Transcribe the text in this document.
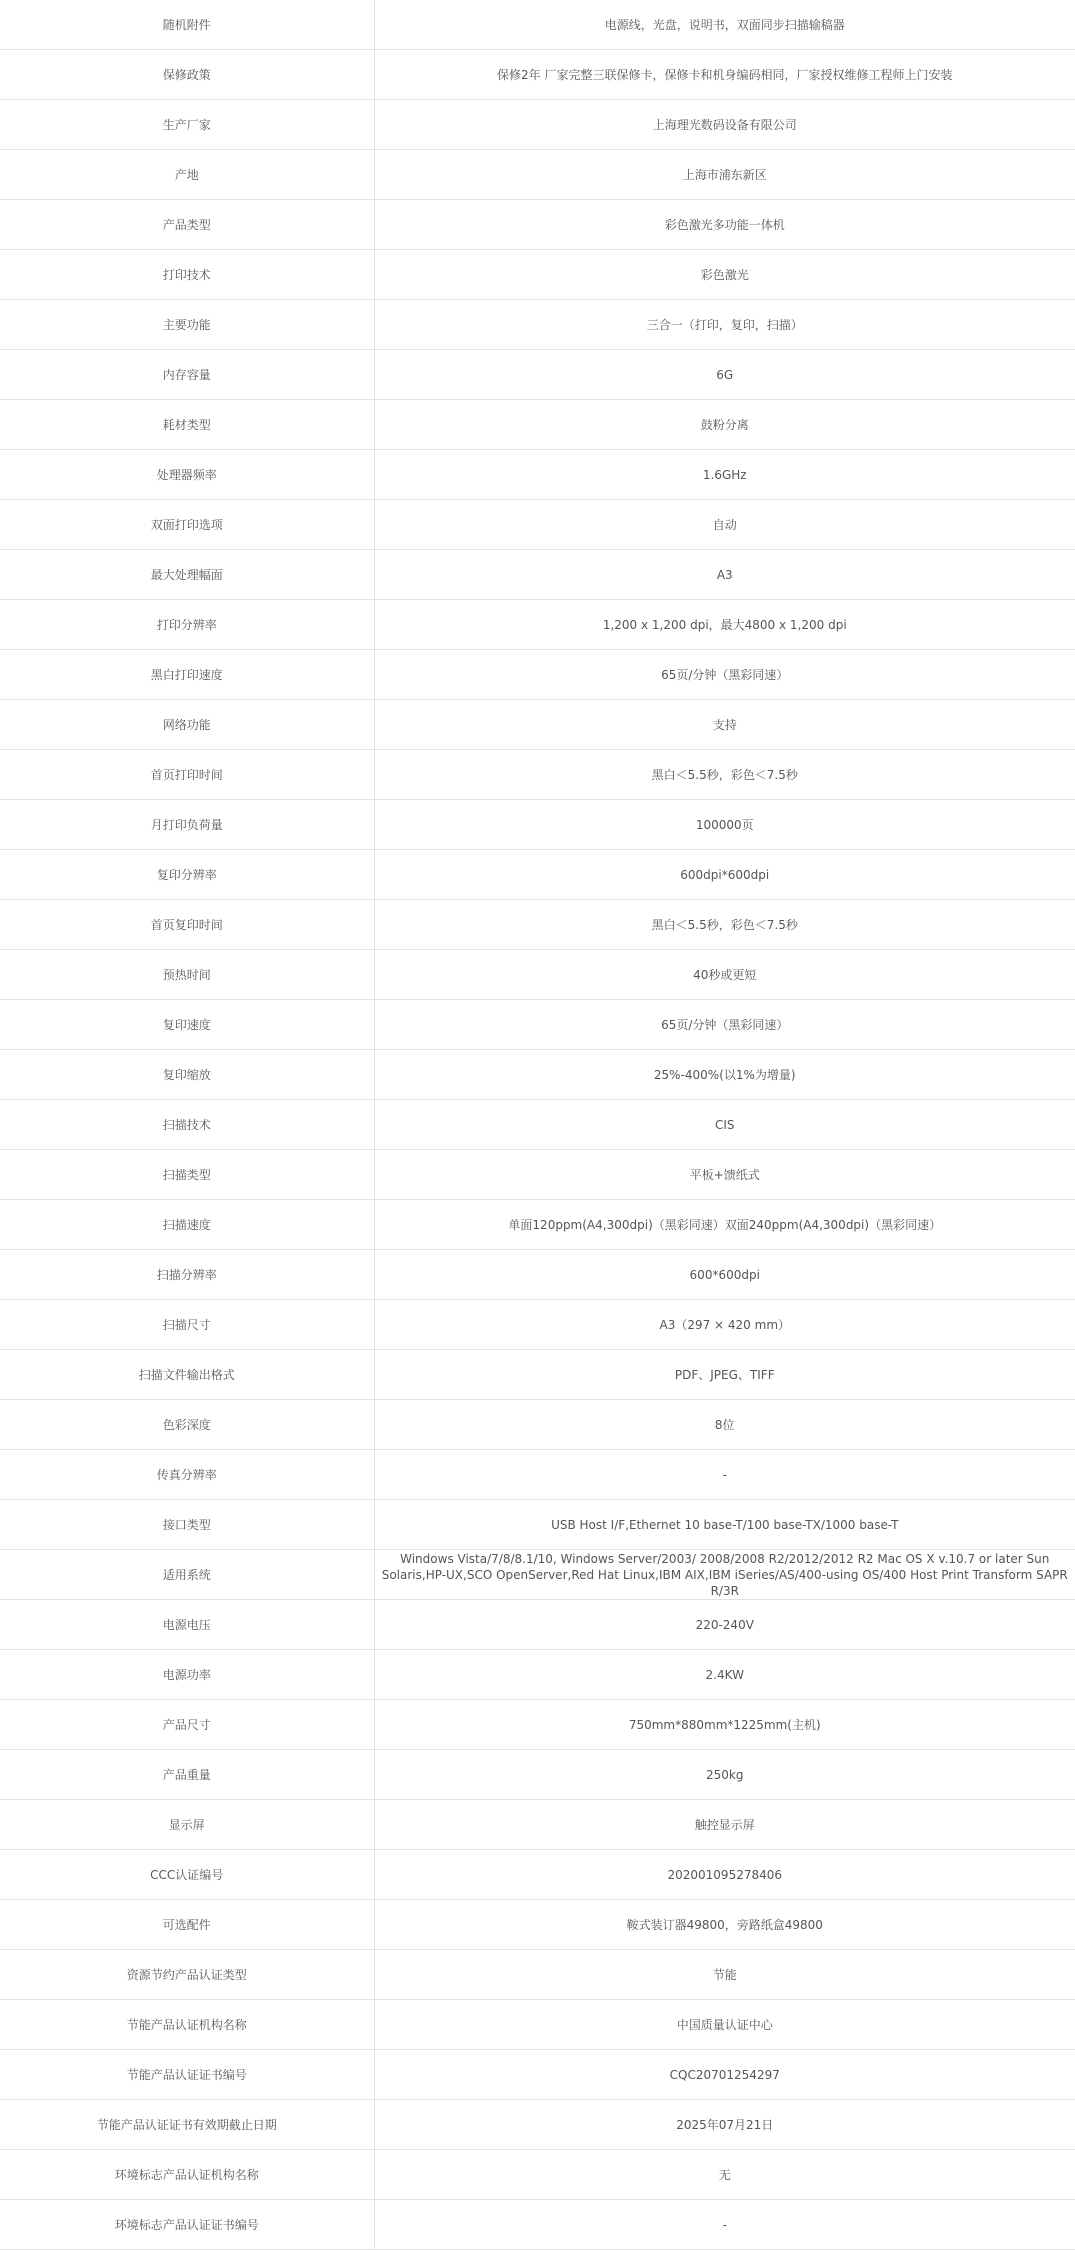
随机附件	电源线，光盘，说明书，双面同步扫描输稿器
保修政策	保修2年 厂家完整三联保修卡，保修卡和机身编码相同，厂家授权维修工程师上门安装
生产厂家	上海理光数码设备有限公司
产地	上海市浦东新区
产品类型	彩色激光多功能一体机
打印技术	彩色激光
主要功能	三合一（打印，复印，扫描）
内存容量	6G
耗材类型	鼓粉分离
处理器频率	1.6GHz
双面打印选项	自动
最大处理幅面	A3
打印分辨率	1,200 x 1,200 dpi，最大4800 x 1,200 dpi
黑白打印速度	65页/分钟（黑彩同速）
网络功能	支持
首页打印时间	黑白＜5.5秒，彩色＜7.5秒
月打印负荷量	100000页
复印分辨率	600dpi*600dpi
首页复印时间	黑白＜5.5秒，彩色＜7.5秒
预热时间	40秒或更短
复印速度	65页/分钟（黑彩同速）
复印缩放	25%-400%(以1%为增量)
扫描技术	CIS
扫描类型	平板+馈纸式
扫描速度	单面120ppm(A4,300dpi)（黑彩同速）双面240ppm(A4,300dpi)（黑彩同速）
扫描分辨率	600*600dpi
扫描尺寸	A3（297 × 420 mm）
扫描文件输出格式	PDF、JPEG、TIFF
色彩深度	8位
传真分辨率	-
接口类型	USB Host I/F,Ethernet 10 base-T/100 base-TX/1000 base-T
适用系统	Windows Vista/7/8/8.1/10, Windows Server/2003/ 2008/2008 R2/2012/2012 R2 Mac OS X v.10.7 or later Sun Solaris,HP-UX,SCO OpenServer,Red Hat Linux,IBM AIX,IBM iSeries/AS/400-using OS/400 Host Print Transform SAPR R/3R
电源电压	220-240V
电源功率	2.4KW
产品尺寸	750mm*880mm*1225mm(主机)
产品重量	250kg
显示屏	触控显示屏
CCC认证编号	202001095278406
可选配件	鞍式装订器49800，旁路纸盒49800
资源节约产品认证类型	节能
节能产品认证机构名称	中国质量认证中心
节能产品认证证书编号	CQC20701254297
节能产品认证证书有效期截止日期	2025年07月21日
环境标志产品认证机构名称	无
环境标志产品认证证书编号	-
